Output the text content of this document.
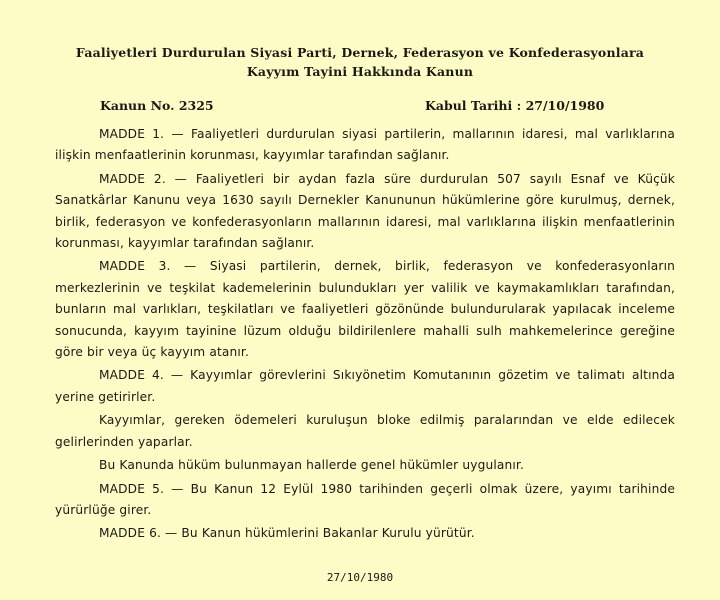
Faaliyetleri Durdurulan Siyasi Parti, Dernek, Federasyon ve Konfederasyonlara
Kayyım Tayini Hakkında Kanun
Kanun No. 2325	Kabul Tarihi : 27/10/1980

MADDE 1. — Faaliyetleri durdurulan siyasi partilerin, mallarının idaresi, mal varlıklarına ilişkin menfaatlerinin korunması, kayyımlar tarafından sağlanır.

MADDE 2. — Faaliyetleri bir aydan fazla süre durdurulan 507 sayılı Esnaf ve Küçük Sanatkârlar Kanunu veya 1630 sayılı Dernekler Kanununun hükümlerine göre kurulmuş, dernek, birlik, federasyon ve konfederasyonların mallarının idaresi, mal varlıklarına ilişkin menfaatlerinin korunması, kayyımlar tarafından sağlanır.

MADDE 3. — Siyasi partilerin, dernek, birlik, federasyon ve konfederasyonların merkezlerinin ve teşkilat kademelerinin bulundukları yer valilik ve kaymakamlıkları tarafından, bunların mal varlıkları, teşkilatları ve faaliyetleri gözönünde bulundurularak yapılacak inceleme sonucunda, kayyım tayinine lüzum olduğu bildirilenlere mahalli sulh mahkemelerince gereğine göre bir veya üç kayyım atanır.

MADDE 4. — Kayyımlar görevlerini Sıkıyönetim Komutanının gözetim ve talimatı altında yerine getirirler.

Kayyımlar, gereken ödemeleri kuruluşun bloke edilmiş paralarından ve elde edilecek gelirlerinden yaparlar.

Bu Kanunda hüküm bulunmayan hallerde genel hükümler uygulanır.

MADDE 5. — Bu Kanun 12 Eylül 1980 tarihinden geçerli olmak üzere, yayımı tarihinde yürürlüğe girer.

MADDE 6. — Bu Kanun hükümlerini Bakanlar Kurulu yürütür.

27/10/1980
